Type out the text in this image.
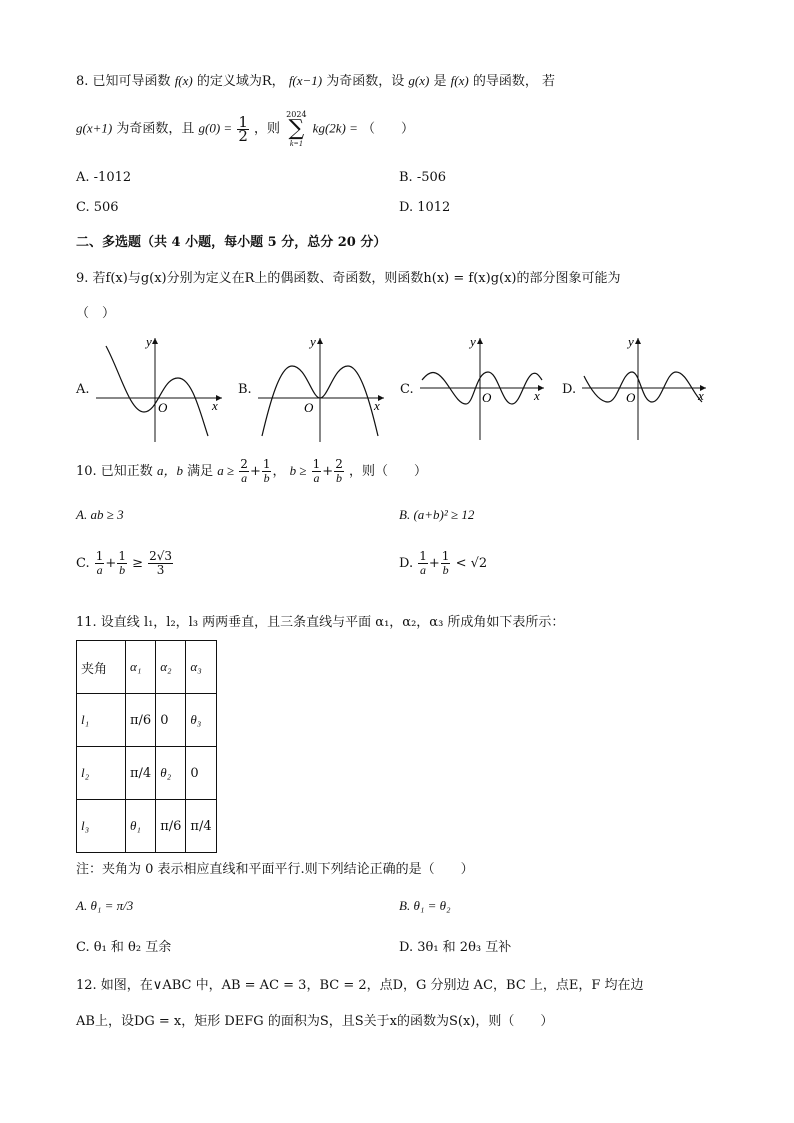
8. 已知可导函数 f(x) 的定义域为R， f(x−1) 为奇函数，设 g(x) 是 f(x) 的导函数， 若
g(x+1) 为奇函数，且 $g(0) = \frac{1}{2}$ ，则 2024
∑
k=1 kg(2k) = （　　）
A. -1012	B. -506
C. 506	D. 1012
二、多选题（共 4 小题，每小题 5 分，总分 20 分）
9. 若f(x)与g(x)分别为定义在R上的偶函数、奇函数，则函数h(x) = f(x)g(x)的部分图象可能为
（　）
A.
O	x
y
B.
O	x
y
C.
O	x
y
D.
O	x
y
10. 已知正数 a，b 满足 $a \ge \frac{2}{a} + \frac{1}{b}$ ， $b \ge \frac{1}{a} + \frac{2}{b}$ ，则（　　）
A. ab ≥ 3	B. (a+b)² ≥ 12
C. $\frac{1}{a} + \frac{1}{b} \ge \frac{2√3}{3}$	D. $\frac{1}{a} + \frac{1}{b} < √2$
11. 设直线 l₁，l₂，l₃ 两两垂直，且三条直线与平面 α₁，α₂，α₃ 所成角如下表所示：
夹角	α₁	α₂	α₃
l₁	π/6	0	θ₃
l₂	π/4	θ₂	0
l₃	θ₁	π/6	π/4
注：夹角为 0 表示相应直线和平面平行.则下列结论正确的是（　　）
A. θ₁ = π/3	B. θ₁ = θ₂
C. θ₁ 和 θ₂ 互余	D. 3θ₁ 和 2θ₃ 互补
12. 如图，在∨ABC 中，AB = AC = 3，BC = 2，点D，G 分别边 AC，BC 上，点E，F 均在边
AB上，设DG = x，矩形 DEFG 的面积为S，且S关于x的函数为S(x)，则（　　）
